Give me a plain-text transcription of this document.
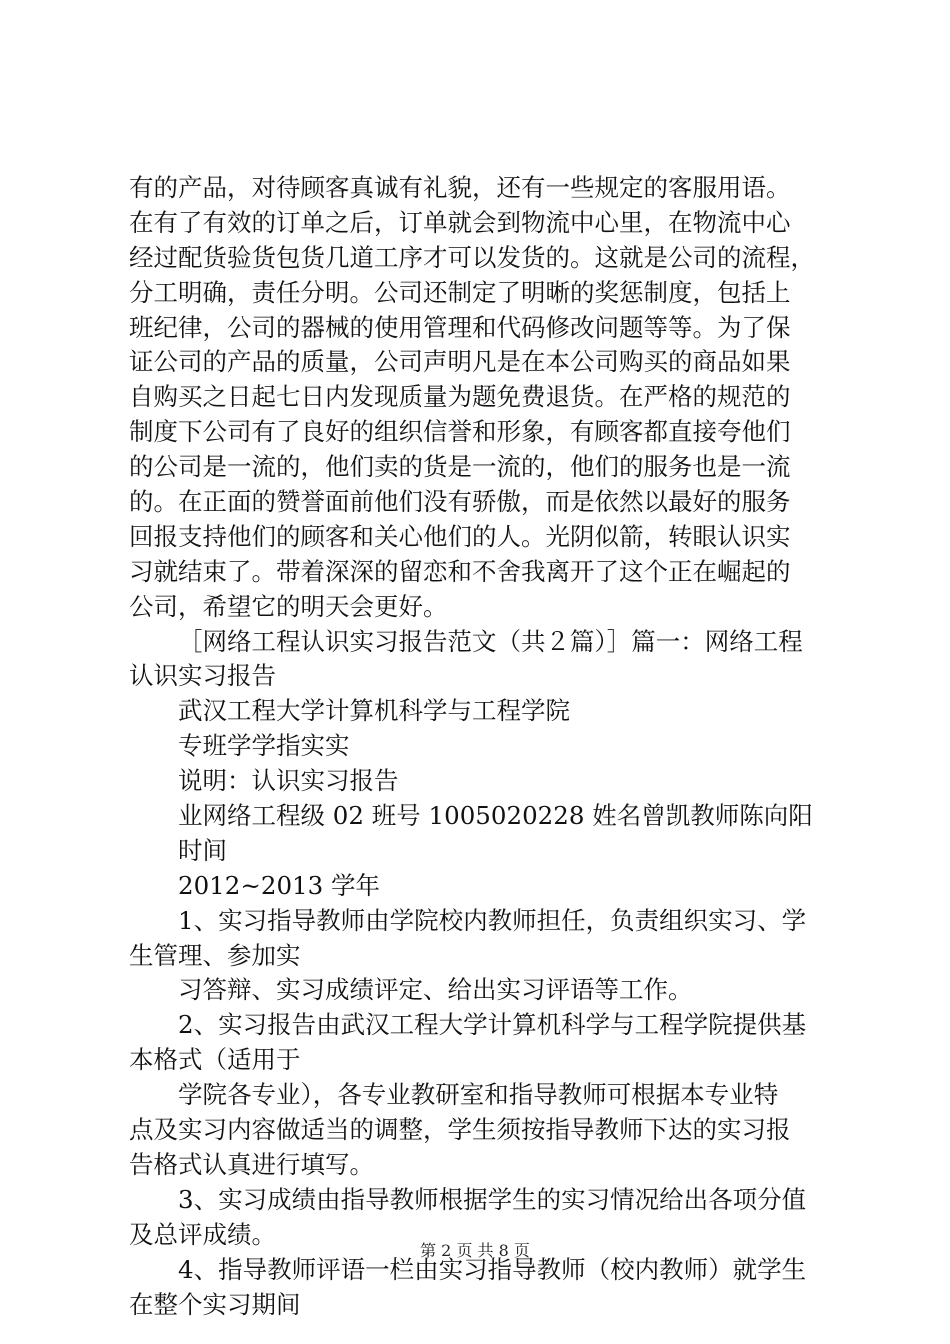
有的产品，对待顾客真诚有礼貌，还有一些规定的客服用语。
在有了有效的订单之后，订单就会到物流中心里，在物流中心
经过配货验货包货几道工序才可以发货的。这就是公司的流程，
分工明确，责任分明。公司还制定了明晰的奖惩制度，包括上
班纪律，公司的器械的使用管理和代码修改问题等等。为了保
证公司的产品的质量，公司声明凡是在本公司购买的商品如果
自购买之日起七日内发现质量为题免费退货。在严格的规范的
制度下公司有了良好的组织信誉和形象，有顾客都直接夸他们
的公司是一流的，他们卖的货是一流的，他们的服务也是一流
的。在正面的赞誉面前他们没有骄傲，而是依然以最好的服务
回报支持他们的顾客和关心他们的人。光阴似箭，转眼认识实
习就结束了。带着深深的留恋和不舍我离开了这个正在崛起的
公司，希望它的明天会更好。
［网络工程认识实习报告范文（共２篇）］篇一：网络工程
认识实习报告
武汉工程大学计算机科学与工程学院
专班学学指实实
说明：认识实习报告
业网络工程级 02 班号 1005020228 姓名曾凯教师陈向阳
时间
2012~2013 学年
1、实习指导教师由学院校内教师担任，负责组织实习、学
生管理、参加实
习答辩、实习成绩评定、给出实习评语等工作。
2、实习报告由武汉工程大学计算机科学与工程学院提供基
本格式（适用于
学院各专业），各专业教研室和指导教师可根据本专业特
点及实习内容做适当的调整，学生须按指导教师下达的实习报
告格式认真进行填写。
3、实习成绩由指导教师根据学生的实习情况给出各项分值
及总评成绩。
4、指导教师评语一栏由实习指导教师（校内教师）就学生
在整个实习期间
第 2 页 共 8 页
